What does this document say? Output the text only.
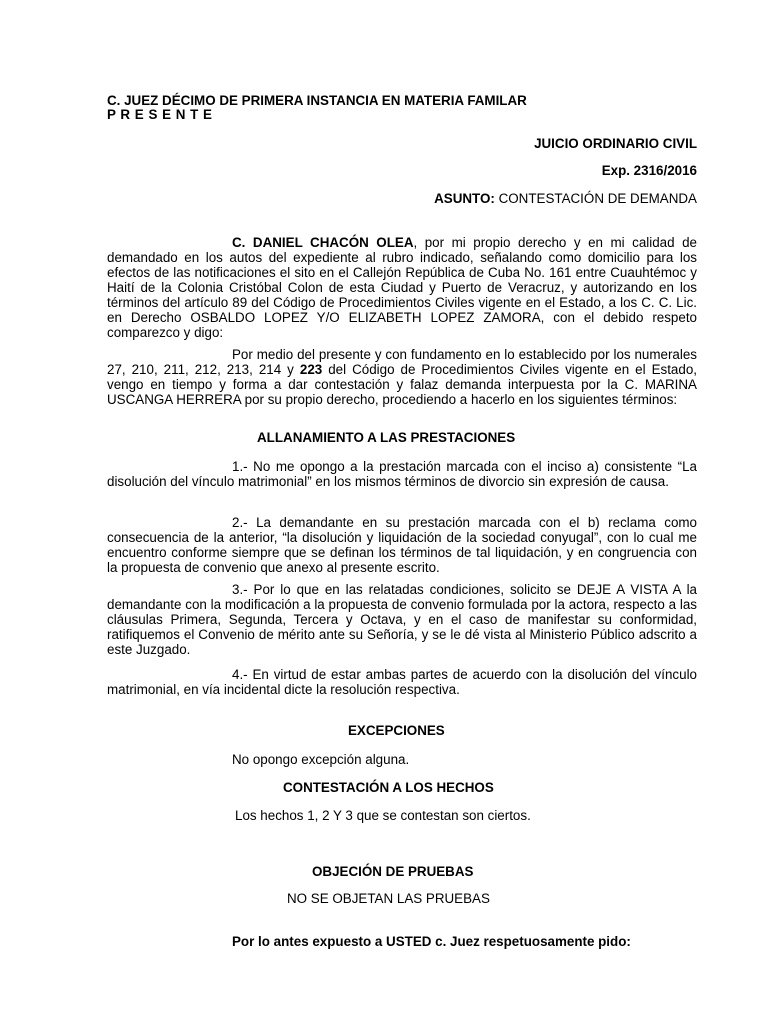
C. JUEZ DÉCIMO DE PRIMERA INSTANCIA EN MATERIA FAMILAR
P R E S E N T E
JUICIO ORDINARIO CIVIL
Exp. 2316/2016
ASUNTO: CONTESTACIÓN DE DEMANDA
C. DANIEL CHACÓN OLEA, por mi propio derecho y en mi calidad de demandado en los autos del expediente al rubro indicado, señalando como domicilio para los efectos de las notificaciones el sito en el Callejón República de Cuba No. 161 entre Cuauhtémoc y Haití de la Colonia Cristóbal Colon de esta Ciudad y Puerto de Veracruz, y autorizando en los términos del artículo 89 del Código de Procedimientos Civiles vigente en el Estado, a los C. C. Lic. en Derecho OSBALDO LOPEZ Y/O ELIZABETH LOPEZ ZAMORA, con el debido respeto comparezco y digo:
Por medio del presente y con fundamento en lo establecido por los numerales 27, 210, 211, 212, 213, 214 y 223 del Código de Procedimientos Civiles vigente en el Estado, vengo en tiempo y forma a dar contestación y falaz demanda interpuesta por la C. MARINA USCANGA HERRERA por su propio derecho, procediendo a hacerlo en los siguientes términos:
ALLANAMIENTO A LAS PRESTACIONES
1.- No me opongo a la prestación marcada con el inciso a) consistente “La disolución del vínculo matrimonial” en los mismos términos de divorcio sin expresión de causa.
2.- La demandante en su prestación marcada con el b) reclama como consecuencia de la anterior, “la disolución y liquidación de la sociedad conyugal”, con lo cual me encuentro conforme siempre que se definan los términos de tal liquidación, y en congruencia con la propuesta de convenio que anexo al presente escrito.
3.- Por lo que en las relatadas condiciones, solicito se DEJE A VISTA A la demandante con la modificación a la propuesta de convenio formulada por la actora, respecto a las cláusulas Primera, Segunda, Tercera y Octava, y en el caso de manifestar su conformidad, ratifiquemos el Convenio de mérito ante su Señoría, y se le dé vista al Ministerio Público adscrito a este Juzgado.
4.- En virtud de estar ambas partes de acuerdo con la disolución del vínculo matrimonial, en vía incidental dicte la resolución respectiva.
EXCEPCIONES
No opongo excepción alguna.
CONTESTACIÓN A LOS HECHOS
Los hechos 1, 2 Y 3 que se contestan son ciertos.
OBJECIÓN DE PRUEBAS
NO SE OBJETAN LAS PRUEBAS
Por lo antes expuesto a USTED c. Juez respetuosamente pido:
